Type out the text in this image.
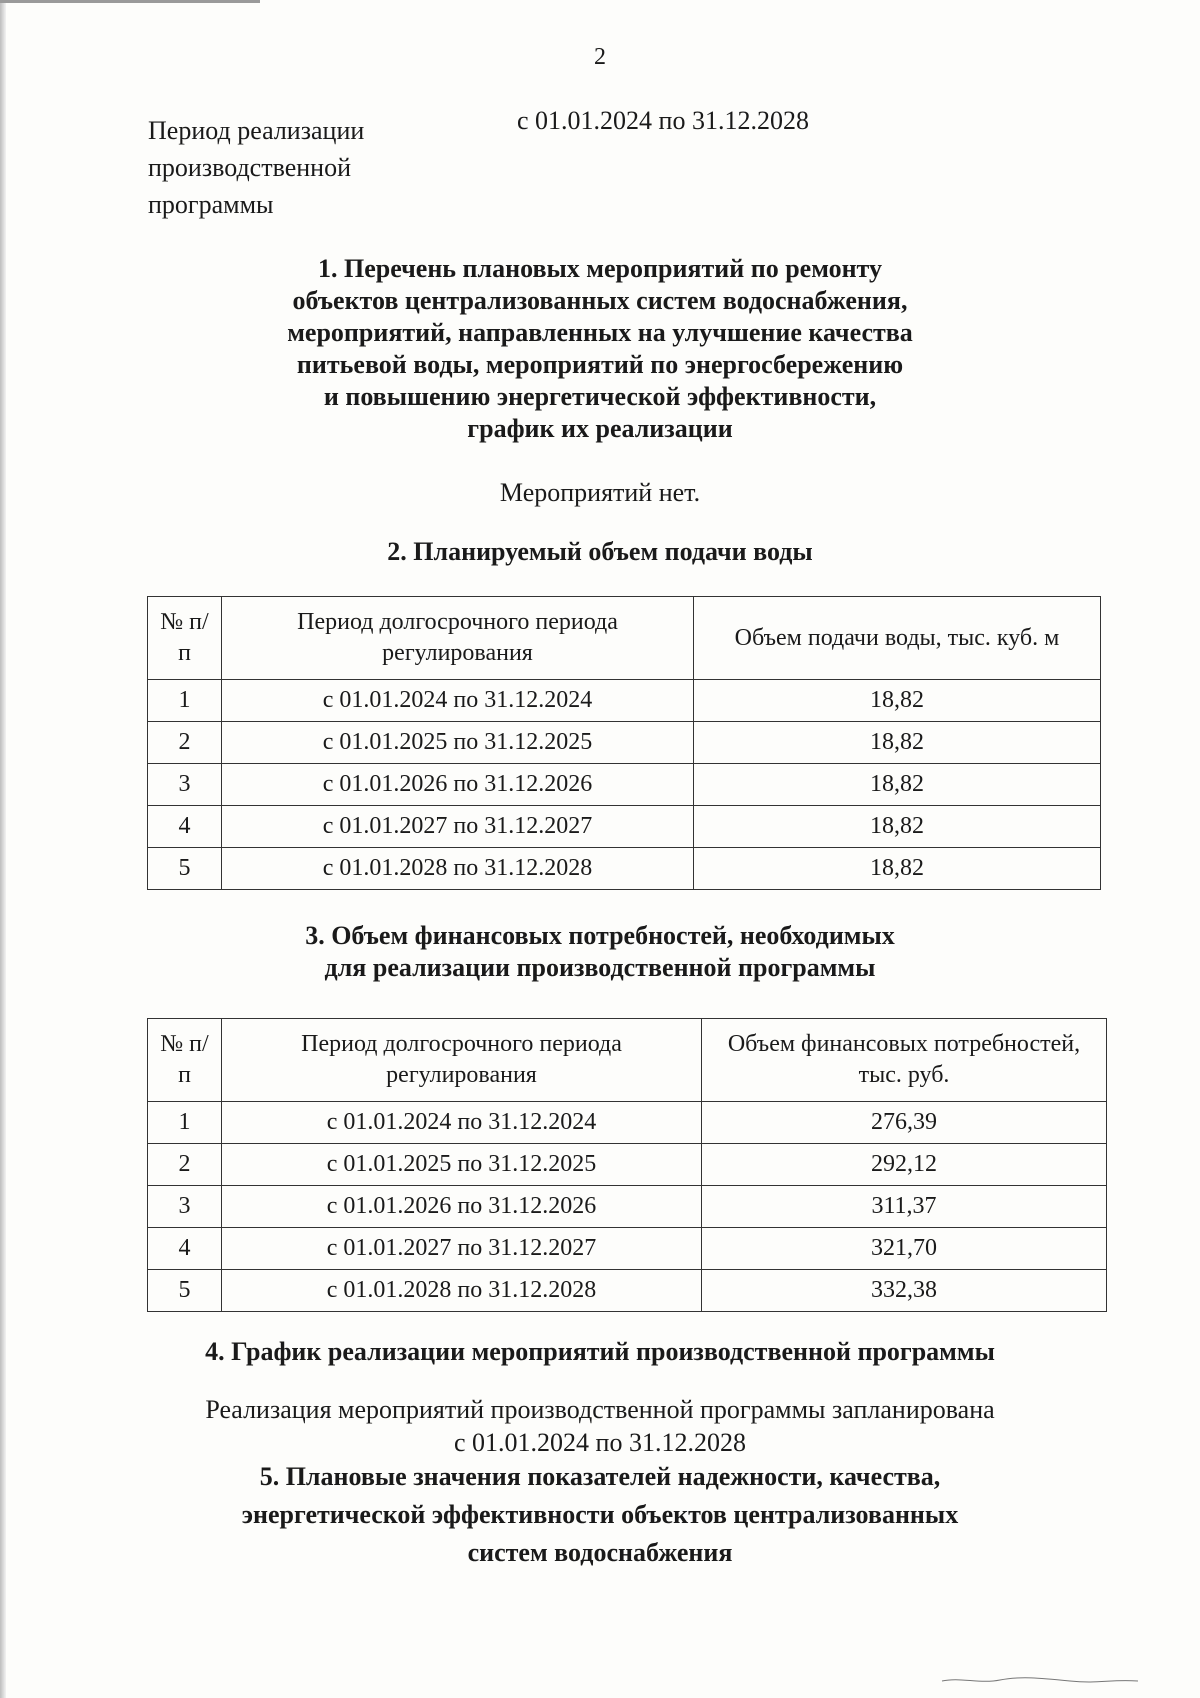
2
Период реализации
производственной
программы
с 01.01.2024 по 31.12.2028
1. Перечень плановых мероприятий по ремонту
объектов централизованных систем водоснабжения,
мероприятий, направленных на улучшение качества
питьевой воды, мероприятий по энергосбережению
и повышению энергетической эффективности,
график их реализации
Мероприятий нет.
2. Планируемый объем подачи воды
№ п/п	Период долгосрочного периода регулирования	Объем подачи воды, тыс. куб. м
1	с 01.01.2024 по 31.12.2024	18,82
2	с 01.01.2025 по 31.12.2025	18,82
3	с 01.01.2026 по 31.12.2026	18,82
4	с 01.01.2027 по 31.12.2027	18,82
5	с 01.01.2028 по 31.12.2028	18,82
3. Объем финансовых потребностей, необходимых
для реализации производственной программы
№ п/п	Период долгосрочного периода регулирования	Объем финансовых потребностей, тыс. руб.
1	с 01.01.2024 по 31.12.2024	276,39
2	с 01.01.2025 по 31.12.2025	292,12
3	с 01.01.2026 по 31.12.2026	311,37
4	с 01.01.2027 по 31.12.2027	321,70
5	с 01.01.2028 по 31.12.2028	332,38
4. График реализации мероприятий производственной программы
Реализация мероприятий производственной программы запланирована
с 01.01.2024 по 31.12.2028
5. Плановые значения показателей надежности, качества,
энергетической эффективности объектов централизованных
систем водоснабжения
